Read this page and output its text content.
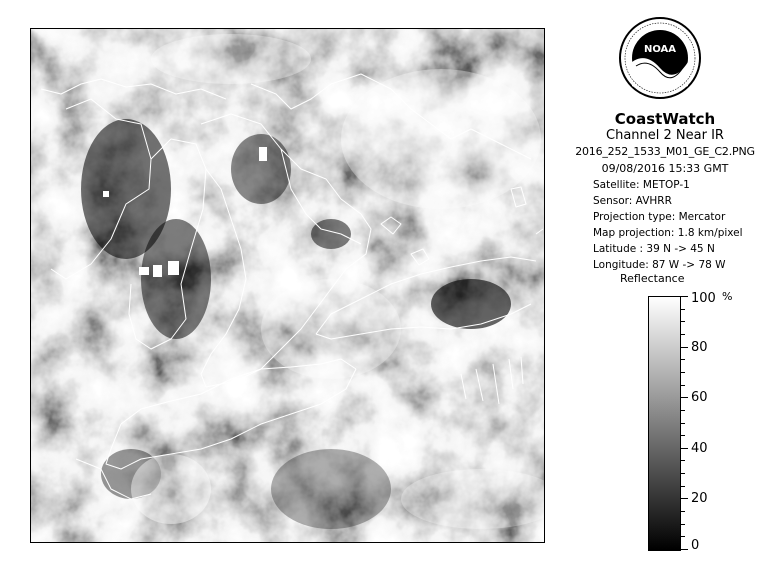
NOAA
CoastWatch
Channel 2 Near IR
2016_252_1533_M01_GE_C2.PNG
09/08/2016 15:33 GMT
Satellite: METOP-1
Sensor: AVHRR
Projection type: Mercator
Map projection: 1.8 km/pixel
Latitude : 39 N -> 45 N
Longitude: 87 W -> 78 W
Reflectance
%
100
80
60
40
20
0
